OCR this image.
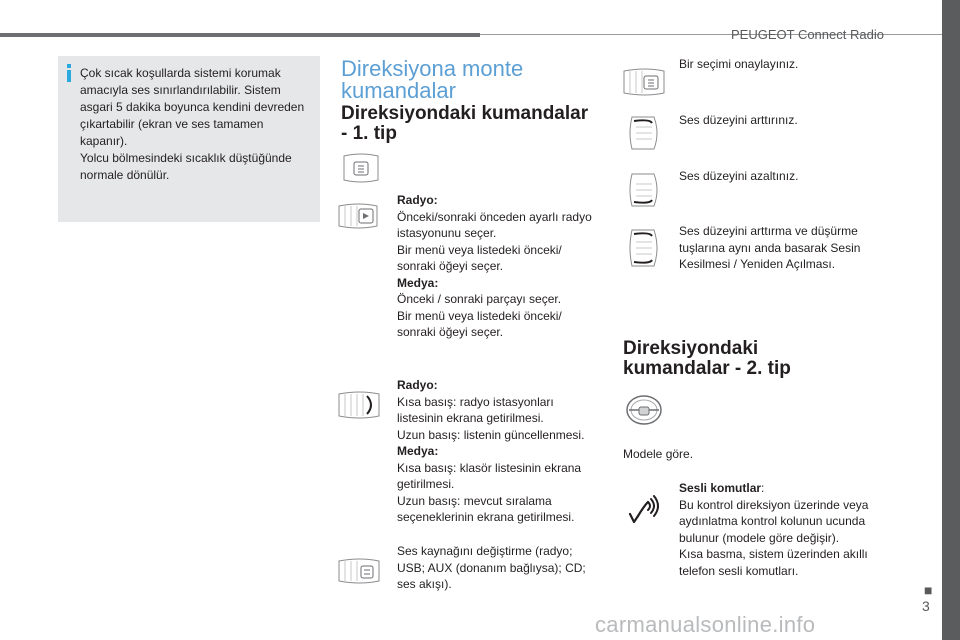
PEUGEOT Connect Radio
■
3
carmanualsonline.info
Çok sıcak koşullarda sistemi korumak
amacıyla ses sınırlandırılabilir. Sistem
asgari 5 dakika boyunca kendini devreden
çıkartabilir (ekran ve ses tamamen
kapanır).
Yolcu bölmesindeki sıcaklık düştüğünde
normale dönülür.
Direksiyona monte
kumandalar
Direksiyondaki kumandalar
- 1. tip
Radyo:
Önceki/sonraki önceden ayarlı radyo
istasyonunu seçer.
Bir menü veya listedeki önceki/
sonraki öğeyi seçer.
Medya:
Önceki / sonraki parçayı seçer.
Bir menü veya listedeki önceki/
sonraki öğeyi seçer.
Radyo:
Kısa basış: radyo istasyonları
listesinin ekrana getirilmesi.
Uzun basış: listenin güncellenmesi.
Medya:
Kısa basış: klasör listesinin ekrana
getirilmesi.
Uzun basış: mevcut sıralama
seçeneklerinin ekrana getirilmesi.
Ses kaynağını değiştirme (radyo;
USB; AUX (donanım bağlıysa); CD;
ses akışı).
Bir seçimi onaylayınız.
Ses düzeyini arttırınız.
Ses düzeyini azaltınız.
Ses düzeyini arttırma ve düşürme
tuşlarına aynı anda basarak Sesin
Kesilmesi / Yeniden Açılması.
Direksiyondaki
kumandalar - 2. tip
Modele göre.
Sesli komutlar:
Bu kontrol direksiyon üzerinde veya
aydınlatma kontrol kolunun ucunda
bulunur (modele göre değişir).
Kısa basma, sistem üzerinden akıllı
telefon sesli komutları.
